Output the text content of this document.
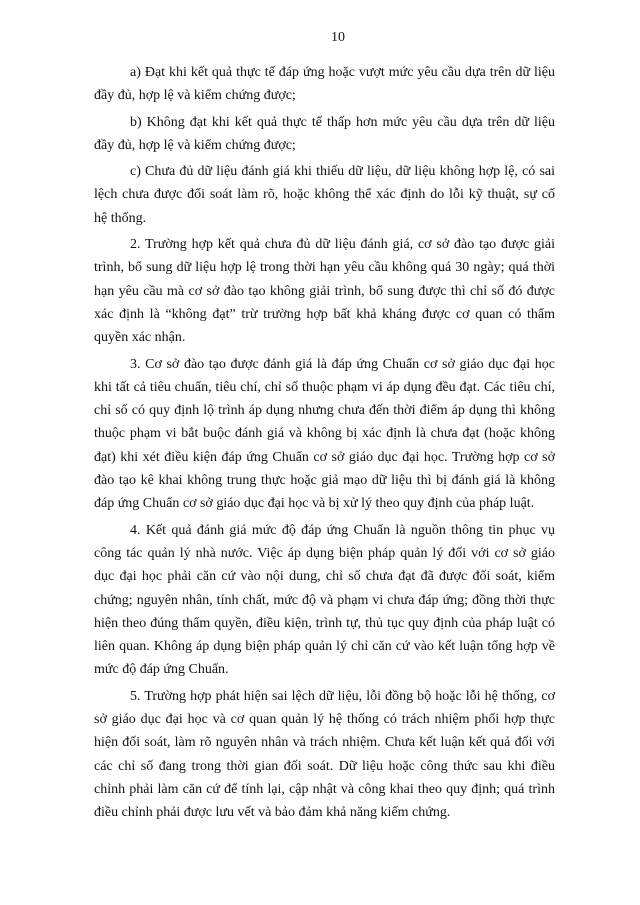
10
a) Đạt khi kết quả thực tế đáp ứng hoặc vượt mức yêu cầu dựa trên dữ liệu
đầy đủ, hợp lệ và kiểm chứng được;
b) Không đạt khi kết quả thực tế thấp hơn mức yêu cầu dựa trên dữ liệu
đầy đủ, hợp lệ và kiểm chứng được;
c) Chưa đủ dữ liệu đánh giá khi thiếu dữ liệu, dữ liệu không hợp lệ, có sai
lệch chưa được đối soát làm rõ, hoặc không thể xác định do lỗi kỹ thuật, sự cố
hệ thống.
2. Trường hợp kết quả chưa đủ dữ liệu đánh giá, cơ sở đào tạo được giải
trình, bổ sung dữ liệu hợp lệ trong thời hạn yêu cầu không quá 30 ngày; quá thời
hạn yêu cầu mà cơ sở đào tạo không giải trình, bổ sung được thì chỉ số đó được
xác định là “không đạt” trừ trường hợp bất khả kháng được cơ quan có thẩm
quyền xác nhận.
3. Cơ sở đào tạo được đánh giá là đáp ứng Chuẩn cơ sở giáo dục đại học
khi tất cả tiêu chuẩn, tiêu chí, chỉ số thuộc phạm vi áp dụng đều đạt. Các tiêu chí,
chỉ số có quy định lộ trình áp dụng nhưng chưa đến thời điểm áp dụng thì không
thuộc phạm vi bắt buộc đánh giá và không bị xác định là chưa đạt (hoặc không
đạt) khi xét điều kiện đáp ứng Chuẩn cơ sở giáo dục đại học. Trường hợp cơ sở
đào tạo kê khai không trung thực hoặc giả mạo dữ liệu thì bị đánh giá là không
đáp ứng Chuẩn cơ sở giáo dục đại học và bị xử lý theo quy định của pháp luật.
4. Kết quả đánh giá mức độ đáp ứng Chuẩn là nguồn thông tin phục vụ
công tác quản lý nhà nước. Việc áp dụng biện pháp quản lý đối với cơ sở giáo
dục đại học phải căn cứ vào nội dung, chỉ số chưa đạt đã được đối soát, kiểm
chứng; nguyên nhân, tính chất, mức độ và phạm vi chưa đáp ứng; đồng thời thực
hiện theo đúng thẩm quyền, điều kiện, trình tự, thủ tục quy định của pháp luật có
liên quan. Không áp dụng biện pháp quản lý chỉ căn cứ vào kết luận tổng hợp về
mức độ đáp ứng Chuẩn.
5. Trường hợp phát hiện sai lệch dữ liệu, lỗi đồng bộ hoặc lỗi hệ thống, cơ
sở giáo dục đại học và cơ quan quản lý hệ thống có trách nhiệm phối hợp thực
hiện đối soát, làm rõ nguyên nhân và trách nhiệm. Chưa kết luận kết quả đối với
các chỉ số đang trong thời gian đối soát. Dữ liệu hoặc công thức sau khi điều
chỉnh phải làm căn cứ để tính lại, cập nhật và công khai theo quy định; quá trình
điều chỉnh phải được lưu vết và bảo đảm khả năng kiểm chứng.
